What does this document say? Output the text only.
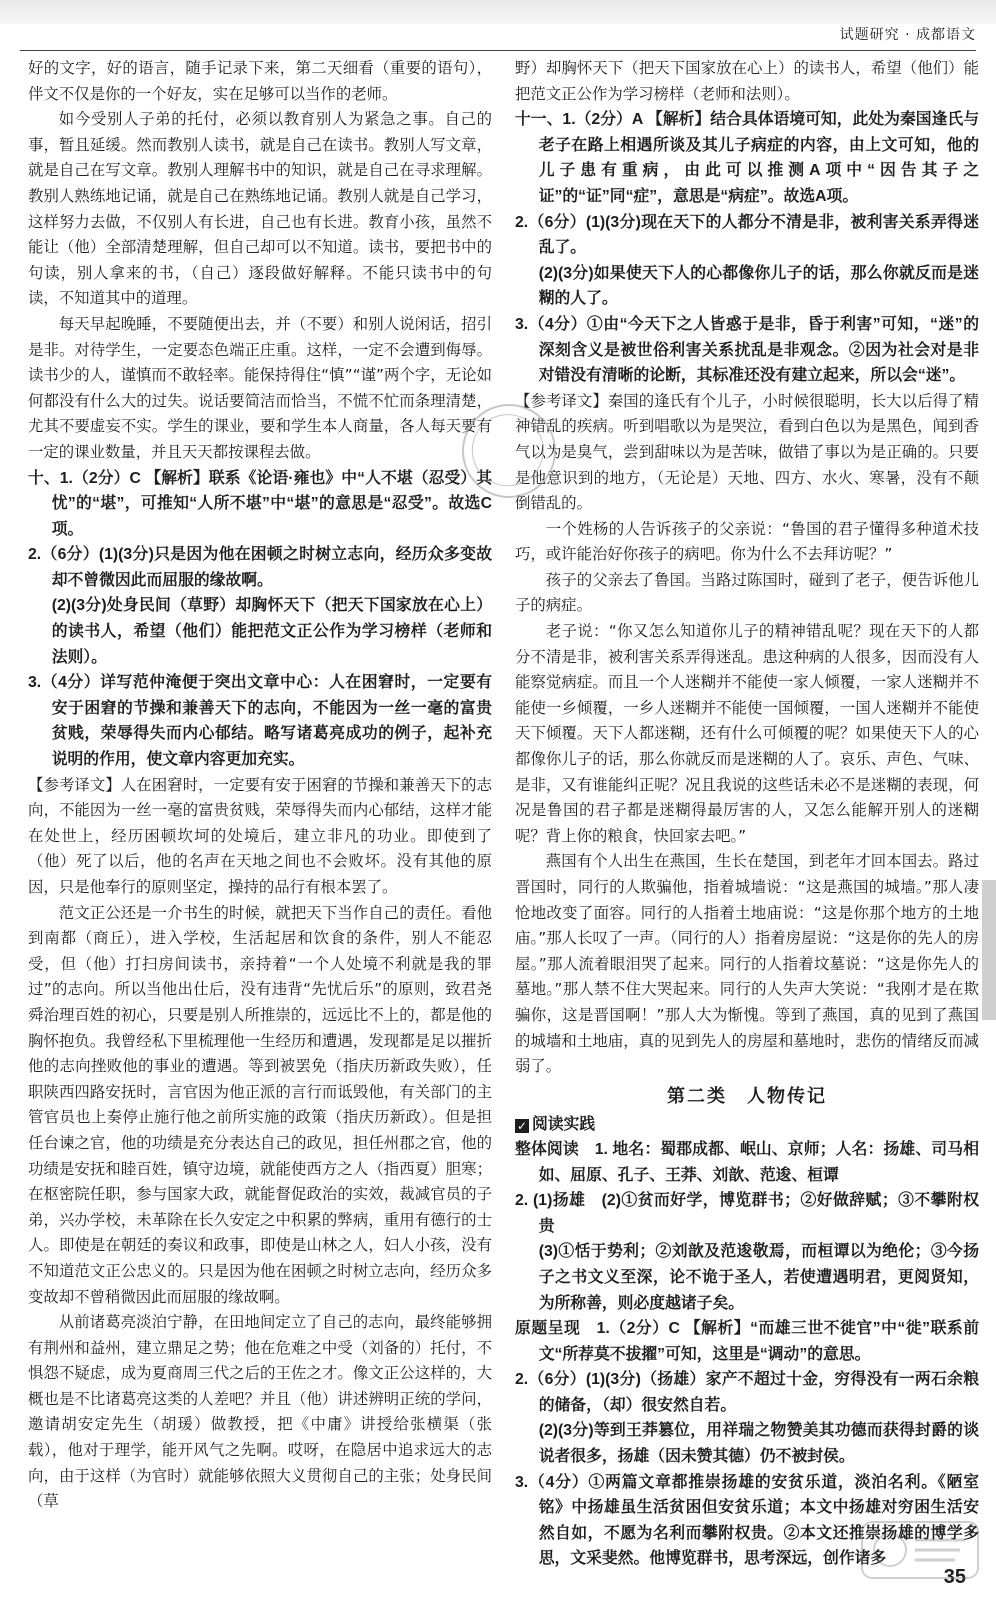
试题研究 · 成都语文

好的文字，好的语言，随手记录下来，第二天细看（重要的语句），伴文不仅是你的一个好友，实在足够可以当作的老师。

如今受别人子弟的托付，必须以教育别人为紧急之事。自己的事，暂且延缓。然而教别人读书，就是自己在读书。教别人写文章，就是自己在写文章。教别人理解书中的知识，就是自己在寻求理解。教别人熟练地记诵，就是自己在熟练地记诵。教别人就是自己学习，这样努力去做，不仅别人有长进，自己也有长进。教育小孩，虽然不能让（他）全部清楚理解，但自己却可以不知道。读书，要把书中的句读，别人拿来的书，（自己）逐段做好解释。不能只读书中的句读，不知道其中的道理。

每天早起晚睡，不要随便出去，并（不要）和别人说闲话，招引是非。对待学生，一定要态色端正庄重。这样，一定不会遭到侮辱。读书少的人，谨慎而不敢轻率。能保持得住“慎”“谨”两个字，无论如何都没有什么大的过失。说话要简洁而恰当，不慌不忙而条理清楚，尤其不要虚妄不实。学生的课业，要和学生本人商量，各人每天要有一定的课业数量，并且天天都按课程去做。

十、1.（2分）C 【解析】联系《论语·雍也》中“人不堪（忍受）其忧”的“堪”，可推知“人所不堪”中“堪”的意思是“忍受”。故选C项。

2.（6分）(1)(3分)只是因为他在困顿之时树立志向，经历众多变故却不曾微因此而屈服的缘故啊。

(2)(3分)处身民间（草野）却胸怀天下（把天下国家放在心上）的读书人，希望（他们）能把范文正公作为学习榜样（老师和法则）。

3.（4分）详写范仲淹便于突出文章中心：人在困窘时，一定要有安于困窘的节操和兼善天下的志向，不能因为一丝一毫的富贵贫贱，荣辱得失而内心郁结。略写诸葛亮成功的例子，起补充说明的作用，使文章内容更加充实。

【参考译文】人在困窘时，一定要有安于困窘的节操和兼善天下的志向，不能因为一丝一毫的富贵贫贱，荣辱得失而内心郁结，这样才能在处世上，经历困顿坎坷的处境后，建立非凡的功业。即使到了（他）死了以后，他的名声在天地之间也不会败坏。没有其他的原因，只是他奉行的原则坚定，操持的品行有根本罢了。

范文正公还是一介书生的时候，就把天下当作自己的责任。看他到南都（商丘），进入学校，生活起居和饮食的条件，别人不能忍受，但（他）打扫房间读书，亲持着“一个人处境不利就是我的罪过”的志向。所以当他出仕后，没有违背“先忧后乐”的原则，致君尧舜治理百姓的初心，只要是别人所推崇的，远远比不上的，都是他的胸怀抱负。我曾经私下里梳理他一生经历和遭遇，发现都是足以摧折他的志向挫败他的事业的遭遇。等到被罢免（指庆历新政失败），任职陕西四路安抚时，言官因为他正派的言行而诋毁他，有关部门的主管官员也上奏停止施行他之前所实施的政策（指庆历新政）。但是担任台谏之官，他的功绩是充分表达自己的政见，担任州郡之官，他的功绩是安抚和睦百姓，镇守边境，就能使西方之人（指西夏）胆寒；在枢密院任职，参与国家大政，就能督促政治的实效，裁减官员的子弟，兴办学校，未革除在长久安定之中积累的弊病，重用有德行的士人。即使是在朝廷的奏议和政事，即使是山林之人，妇人小孩，没有不知道范文正公忠义的。只是因为他在困顿之时树立志向，经历众多变故却不曾稍微因此而屈服的缘故啊。

从前诸葛亮淡泊宁静，在田地间定立了自己的志向，最终能够拥有荆州和益州，建立鼎足之势；他在危难之中受（刘备的）托付，不惧怨不疑虑，成为夏商周三代之后的王佐之才。像文正公这样的，大概也是不比诸葛亮这类的人差吧？并且（他）讲述辨明正统的学问，邀请胡安定先生（胡瑗）做教授，把《中庸》讲授给张横渠（张载），他对于理学，能开风气之先啊。哎呀，在隐居中追求远大的志向，由于这样（为官时）就能够依照大义贯彻自己的主张；处身民间（草

野）却胸怀天下（把天下国家放在心上）的读书人，希望（他们）能把范文正公作为学习榜样（老师和法则）。

十一、1.（2分）A 【解析】结合具体语境可知，此处为秦国逢氏与老子在路上相遇所谈及其儿子病症的内容，由上文可知，他的儿子患有重病，由此可以推测A项中“因告其子之证”的“证”同“症”，意思是“病症”。故选A项。

2.（6分）(1)(3分)现在天下的人都分不清是非，被利害关系弄得迷乱了。

(2)(3分)如果使天下人的心都像你儿子的话，那么你就反而是迷糊的人了。

3.（4分）①由“今天下之人皆惑于是非，昏于利害”可知，“迷”的深刻含义是被世俗利害关系扰乱是非观念。②因为社会对是非对错没有清晰的论断，其标准还没有建立起来，所以会“迷”。

【参考译文】秦国的逢氏有个儿子，小时候很聪明，长大以后得了精神错乱的疾病。听到唱歌以为是哭泣，看到白色以为是黑色，闻到香气以为是臭气，尝到甜味以为是苦味，做错了事以为是正确的。只要是他意识到的地方，（无论是）天地、四方、水火、寒暑，没有不颠倒错乱的。

一个姓杨的人告诉孩子的父亲说：“鲁国的君子懂得多种道术技巧，或许能治好你孩子的病吧。你为什么不去拜访呢？”

孩子的父亲去了鲁国。当路过陈国时，碰到了老子，便告诉他儿子的病症。

老子说：“你又怎么知道你儿子的精神错乱呢？现在天下的人都分不清是非，被利害关系弄得迷乱。患这种病的人很多，因而没有人能察觉病症。而且一个人迷糊并不能使一家人倾覆，一家人迷糊并不能使一乡倾覆，一乡人迷糊并不能使一国倾覆，一国人迷糊并不能使天下倾覆。天下人都迷糊，还有什么可倾覆的呢？如果使天下人的心都像你儿子的话，那么你就反而是迷糊的人了。哀乐、声色、气味、是非，又有谁能纠正呢？况且我说的这些话未必不是迷糊的表现，何况是鲁国的君子都是迷糊得最厉害的人，又怎么能解开别人的迷糊呢？背上你的粮食，快回家去吧。”

燕国有个人出生在燕国，生长在楚国，到老年才回本国去。路过晋国时，同行的人欺骗他，指着城墙说：“这是燕国的城墙。”那人凄怆地改变了面容。同行的人指着土地庙说：“这是你那个地方的土地庙。”那人长叹了一声。（同行的人）指着房屋说：“这是你的先人的房屋。”那人流着眼泪哭了起来。同行的人指着坟墓说：“这是你先人的墓地。”那人禁不住大哭起来。同行的人失声大笑说：“我刚才是在欺骗你，这是晋国啊！”那人大为惭愧。等到了燕国，真的见到了燕国的城墙和土地庙，真的见到先人的房屋和墓地时，悲伤的情绪反而减弱了。

第二类　人物传记

✓ 阅读实践

整体阅读　1. 地名：蜀郡成都、岷山、京师；人名：扬雄、司马相如、屈原、孔子、王莽、刘歆、范逡、桓谭

2. (1)扬雄　(2)①贫而好学，博览群书；②好做辞赋；③不攀附权贵

(3)①恬于势利；②刘歆及范逡敬焉，而桓谭以为绝伦；③今扬子之书文义至深，论不诡于圣人，若使遭遇明君，更阅贤知，为所称善，则必度越诸子矣。

原题呈现　1.（2分）C 【解析】“而雄三世不徙官”中“徙”联系前文“所荐莫不拔擢”可知，这里是“调动”的意思。

2.（6分）(1)(3分)（扬雄）家产不超过十金，穷得没有一两石余粮的储备，（却）很安然自若。

(2)(3分)等到王莽篡位，用祥瑞之物赞美其功德而获得封爵的谈说者很多，扬雄（因未赞其德）仍不被封侯。

3.（4分）①两篇文章都推崇扬雄的安贫乐道，淡泊名利。《陋室铭》中扬雄虽生活贫困但安贫乐道；本文中扬雄对穷困生活安然自如，不愿为名利而攀附权贵。②本文还推崇扬雄的博学多思，文采斐然。他博览群书，思考深远，创作诸多

35
